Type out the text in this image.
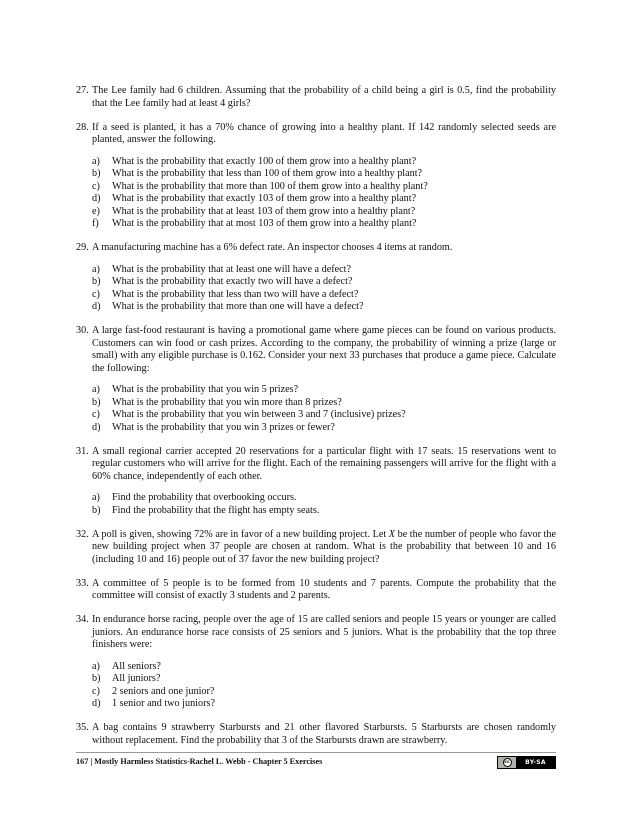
27. The Lee family had 6 children. Assuming that the probability of a child being a girl is 0.5, find the probability that the Lee family had at least 4 girls?

28. If a seed is planted, it has a 70% chance of growing into a healthy plant. If 142 randomly selected seeds are planted, answer the following.

a)	What is the probability that exactly 100 of them grow into a healthy plant?
b)	What is the probability that less than 100 of them grow into a healthy plant?
c)	What is the probability that more than 100 of them grow into a healthy plant?
d)	What is the probability that exactly 103 of them grow into a healthy plant?
e)	What is the probability that at least 103 of them grow into a healthy plant?
f)	What is the probability that at most 103 of them grow into a healthy plant?
29. A manufacturing machine has a 6% defect rate. An inspector chooses 4 items at random.

a)	What is the probability that at least one will have a defect?
b)	What is the probability that exactly two will have a defect?
c)	What is the probability that less than two will have a defect?
d)	What is the probability that more than one will have a defect?
30. A large fast-food restaurant is having a promotional game where game pieces can be found on various products. Customers can win food or cash prizes. According to the company, the probability of winning a prize (large or small) with any eligible purchase is 0.162. Consider your next 33 purchases that produce a game piece. Calculate the following:

a)	What is the probability that you win 5 prizes?
b)	What is the probability that you win more than 8 prizes?
c)	What is the probability that you win between 3 and 7 (inclusive) prizes?
d)	What is the probability that you win 3 prizes or fewer?
31. A small regional carrier accepted 20 reservations for a particular flight with 17 seats. 15 reservations went to regular customers who will arrive for the flight. Each of the remaining passengers will arrive for the flight with a 60% chance, independently of each other.

a)	Find the probability that overbooking occurs.
b)	Find the probability that the flight has empty seats.
32. A poll is given, showing 72% are in favor of a new building project. Let X be the number of people who favor the new building project when 37 people are chosen at random. What is the probability that between 10 and 16 (including 10 and 16) people out of 37 favor the new building project?

33. A committee of 5 people is to be formed from 10 students and 7 parents. Compute the probability that the committee will consist of exactly 3 students and 2 parents.

34. In endurance horse racing, people over the age of 15 are called seniors and people 15 years or younger are called juniors. An endurance horse race consists of 25 seniors and 5 juniors. What is the probability that the top three finishers were:

a)	All seniors?
b)	All juniors?
c)	2 seniors and one junior?
d)	1 senior and two juniors?
35. A bag contains 9 strawberry Starbursts and 21 other flavored Starbursts. 5 Starbursts are chosen randomly without replacement. Find the probability that 3 of the Starbursts drawn are strawberry.

167 | Mostly Harmless Statistics-Rachel L. Webb - Chapter 5 Exercises	cc	BY-SA
